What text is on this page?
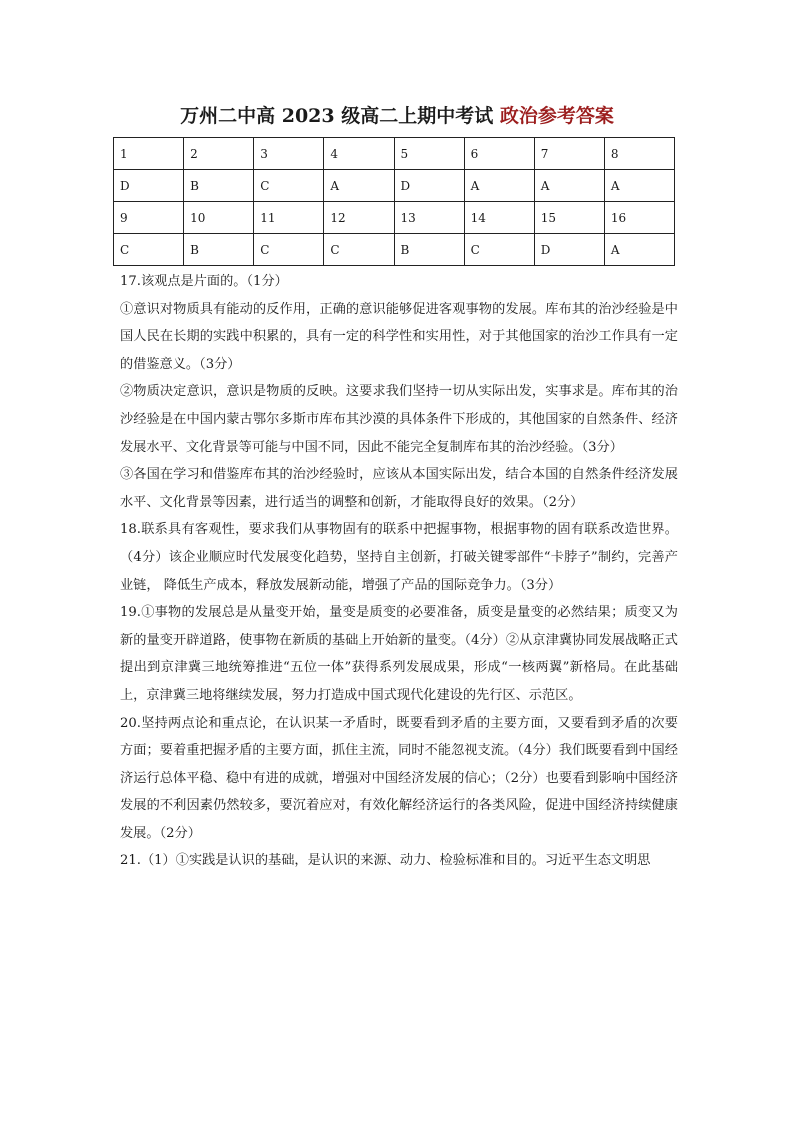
万州二中高 2023 级高二上期中考试 政治参考答案
1	2	3	4	5	6	7	8
D	B	C	A	D	A	A	A
9	10	11	12	13	14	15	16
C	B	C	C	B	C	D	A

17.该观点是片面的。（1分）

①意识对物质具有能动的反作用，正确的意识能够促进客观事物的发展。库布其的治沙经验是中国人民在长期的实践中积累的，具有一定的科学性和实用性，对于其他国家的治沙工作具有一定的借鉴意义。（3分）

②物质决定意识，意识是物质的反映。这要求我们坚持一切从实际出发，实事求是。库布其的治沙经验是在中国内蒙古鄂尔多斯市库布其沙漠的具体条件下形成的，其他国家的自然条件、经济发展水平、文化背景等可能与中国不同，因此不能完全复制库布其的治沙经验。（3分）

③各国在学习和借鉴库布其的治沙经验时，应该从本国实际出发，结合本国的自然条件经济发展水平、文化背景等因素，进行适当的调整和创新，才能取得良好的效果。（2分）

18.联系具有客观性，要求我们从事物固有的联系中把握事物，根据事物的固有联系改造世界。（4分）该企业顺应时代发展变化趋势，坚持自主创新，打破关键零部件“卡脖子”制约，完善产业链， 降低生产成本，释放发展新动能，增强了产品的国际竞争力。（3分）

19.①事物的发展总是从量变开始，量变是质变的必要准备，质变是量变的必然结果；质变又为新的量变开辟道路，使事物在新质的基础上开始新的量变。（4分）②从京津冀协同发展战略正式提出到京津冀三地统筹推进“五位一体”获得系列发展成果，形成“一核两翼”新格局。在此基础上，京津冀三地将继续发展，努力打造成中国式现代化建设的先行区、示范区。

20.坚持两点论和重点论，在认识某一矛盾时，既要看到矛盾的主要方面，又要看到矛盾的次要方面；要着重把握矛盾的主要方面，抓住主流，同时不能忽视支流。（4分）我们既要看到中国经济运行总体平稳、稳中有进的成就，增强对中国经济发展的信心；（2分）也要看到影响中国经济发展的不利因素仍然较多，要沉着应对，有效化解经济运行的各类风险，促进中国经济持续健康发展。（2分）

21.（1）①实践是认识的基础，是认识的来源、动力、检验标准和目的。习近平生态文明思
